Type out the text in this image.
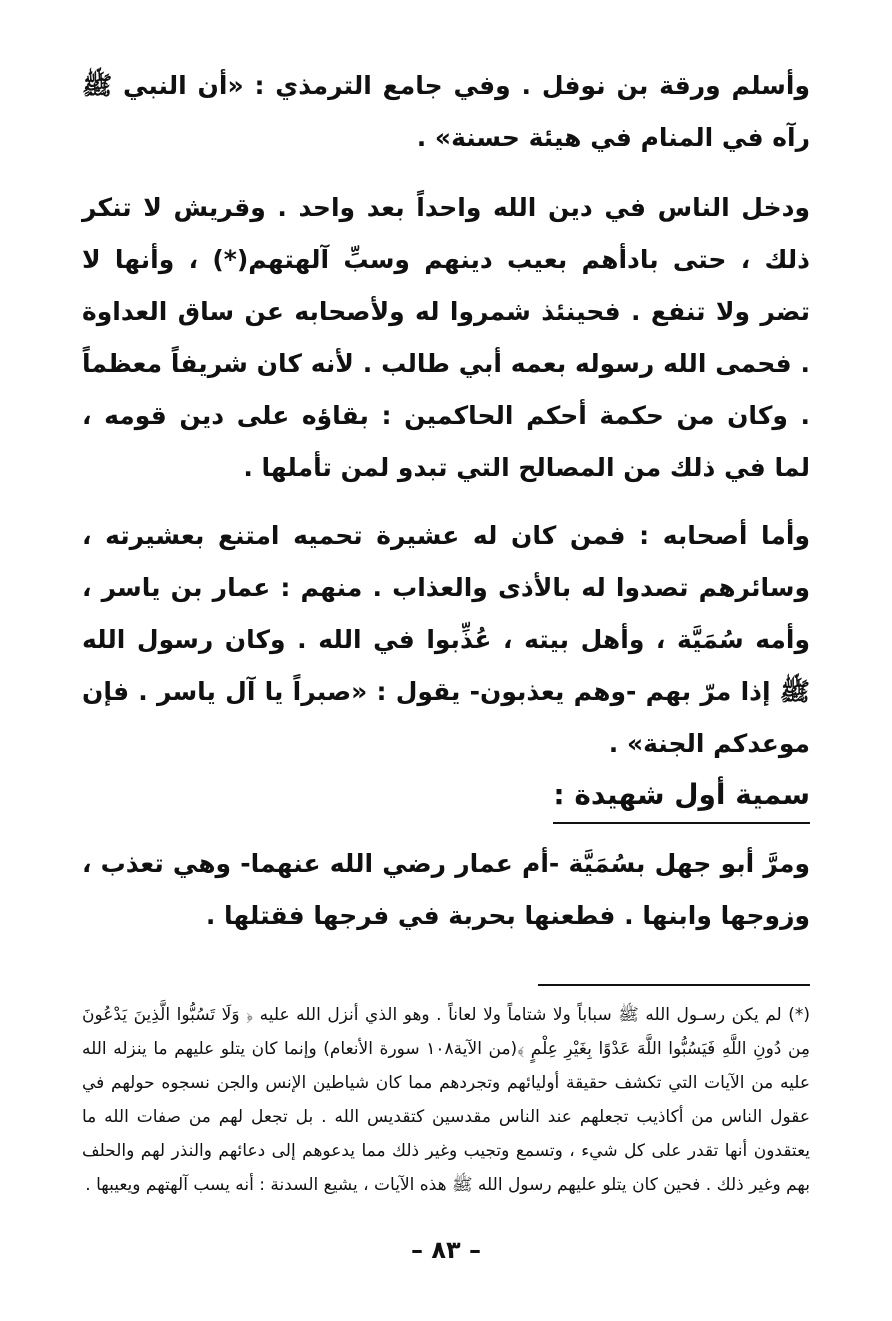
وأسلم ورقة بن نوفل . وفي جامع الترمذي : «أن النبي ﷺ رآه في المنام في هيئة حسنة» .

ودخل الناس في دين الله واحداً بعد واحد . وقريش لا تنكر ذلك ، حتى بادأهم بعيب دينهم وسبِّ آلهتهم(*) ، وأنها لا تضر ولا تنفع . فحينئذ شمروا له ولأصحابه عن ساق العداوة . فحمى الله رسوله بعمه أبي طالب . لأنه كان شريفاً معظماً . وكان من حكمة أحكم الحاكمين : بقاؤه على دين قومه ، لما في ذلك من المصالح التي تبدو لمن تأملها .

وأما أصحابه : فمن كان له عشيرة تحميه امتنع بعشيرته ، وسائرهم تصدوا له بالأذى والعذاب . منهم : عمار بن ياسر ، وأمه سُمَيَّة ، وأهل بيته ، عُذِّبوا في الله . وكان رسول الله ﷺ إذا مرّ بهم -وهم يعذبون- يقول : «صبراً يا آل ياسر . فإن موعدكم الجنة» .

سمية أول شهيدة :

ومرَّ أبو جهل بسُمَيَّة -أم عمار رضي الله عنهما- وهي تعذب ، وزوجها وابنها . فطعنها بحربة في فرجها فقتلها .

(*) لم يكن رسـول الله ﷺ سباباً ولا شتاماً ولا لعاناً . وهو الذي أنزل الله عليه ﴿ وَلَا تَسُبُّوا الَّذِينَ يَدْعُونَ مِن دُونِ اللَّهِ فَيَسُبُّوا اللَّهَ عَدْوًا بِغَيْرِ عِلْمٍ ﴾(من الآية١٠٨ سورة الأنعام) وإنما كان يتلو عليهم ما ينزله الله عليه من الآيات التي تكشف حقيقة أوليائهم وتجردهم مما كان شياطين الإنس والجن نسجوه حولهم في عقول الناس من أكاذيب تجعلهم عند الناس مقدسين كتقديس الله . بل تجعل لهم من صفات الله ما يعتقدون أنها تقدر على كل شيء ، وتسمع وتجيب وغير ذلك مما يدعوهم إلى دعائهم والنذر لهم والحلف بهم وغير ذلك . فحين كان يتلو عليهم رسول الله ﷺ هذه الآيات ، يشيع السدنة : أنه يسب آلهتهم ويعيبها .

– ٨٣ –
